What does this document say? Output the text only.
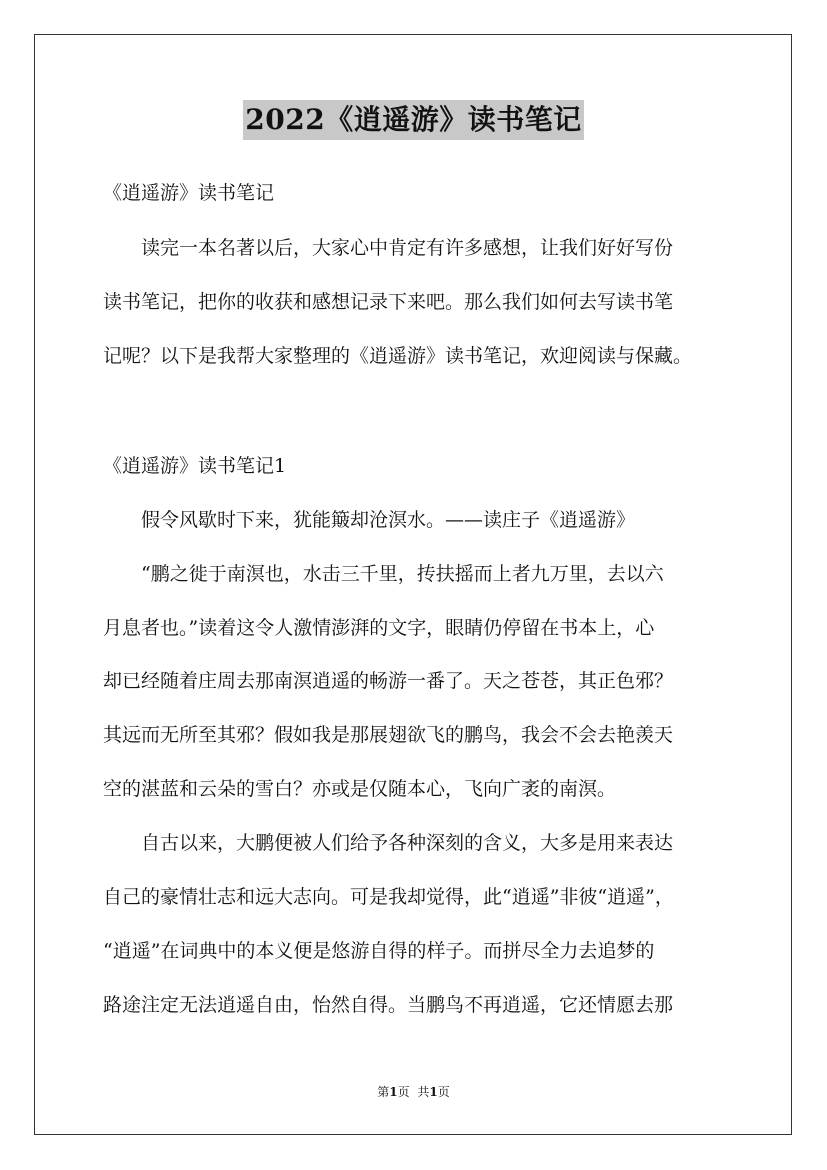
2022《逍遥游》读书笔记
《逍遥游》读书笔记
　　读完一本名著以后，大家心中肯定有许多感想，让我们好好写份
读书笔记，把你的收获和感想记录下来吧。那么我们如何去写读书笔
记呢？以下是我帮大家整理的《逍遥游》读书笔记，欢迎阅读与保藏。
《逍遥游》读书笔记1
　　假令风歇时下来，犹能簸却沧溟水。——读庄子《逍遥游》
　　“鹏之徙于南溟也，水击三千里，抟扶摇而上者九万里，去以六
月息者也。”读着这令人激情澎湃的文字，眼睛仍停留在书本上，心
却已经随着庄周去那南溟逍遥的畅游一番了。天之苍苍，其正色邪？
其远而无所至其邪？假如我是那展翅欲飞的鹏鸟，我会不会去艳羡天
空的湛蓝和云朵的雪白？亦或是仅随本心，飞向广袤的南溟。
　　自古以来，大鹏便被人们给予各种深刻的含义，大多是用来表达
自己的豪情壮志和远大志向。可是我却觉得，此“逍遥”非彼“逍遥”，
“逍遥”在词典中的本义便是悠游自得的样子。而拼尽全力去追梦的
路途注定无法逍遥自由，怡然自得。当鹏鸟不再逍遥，它还情愿去那
第1页 共1页
